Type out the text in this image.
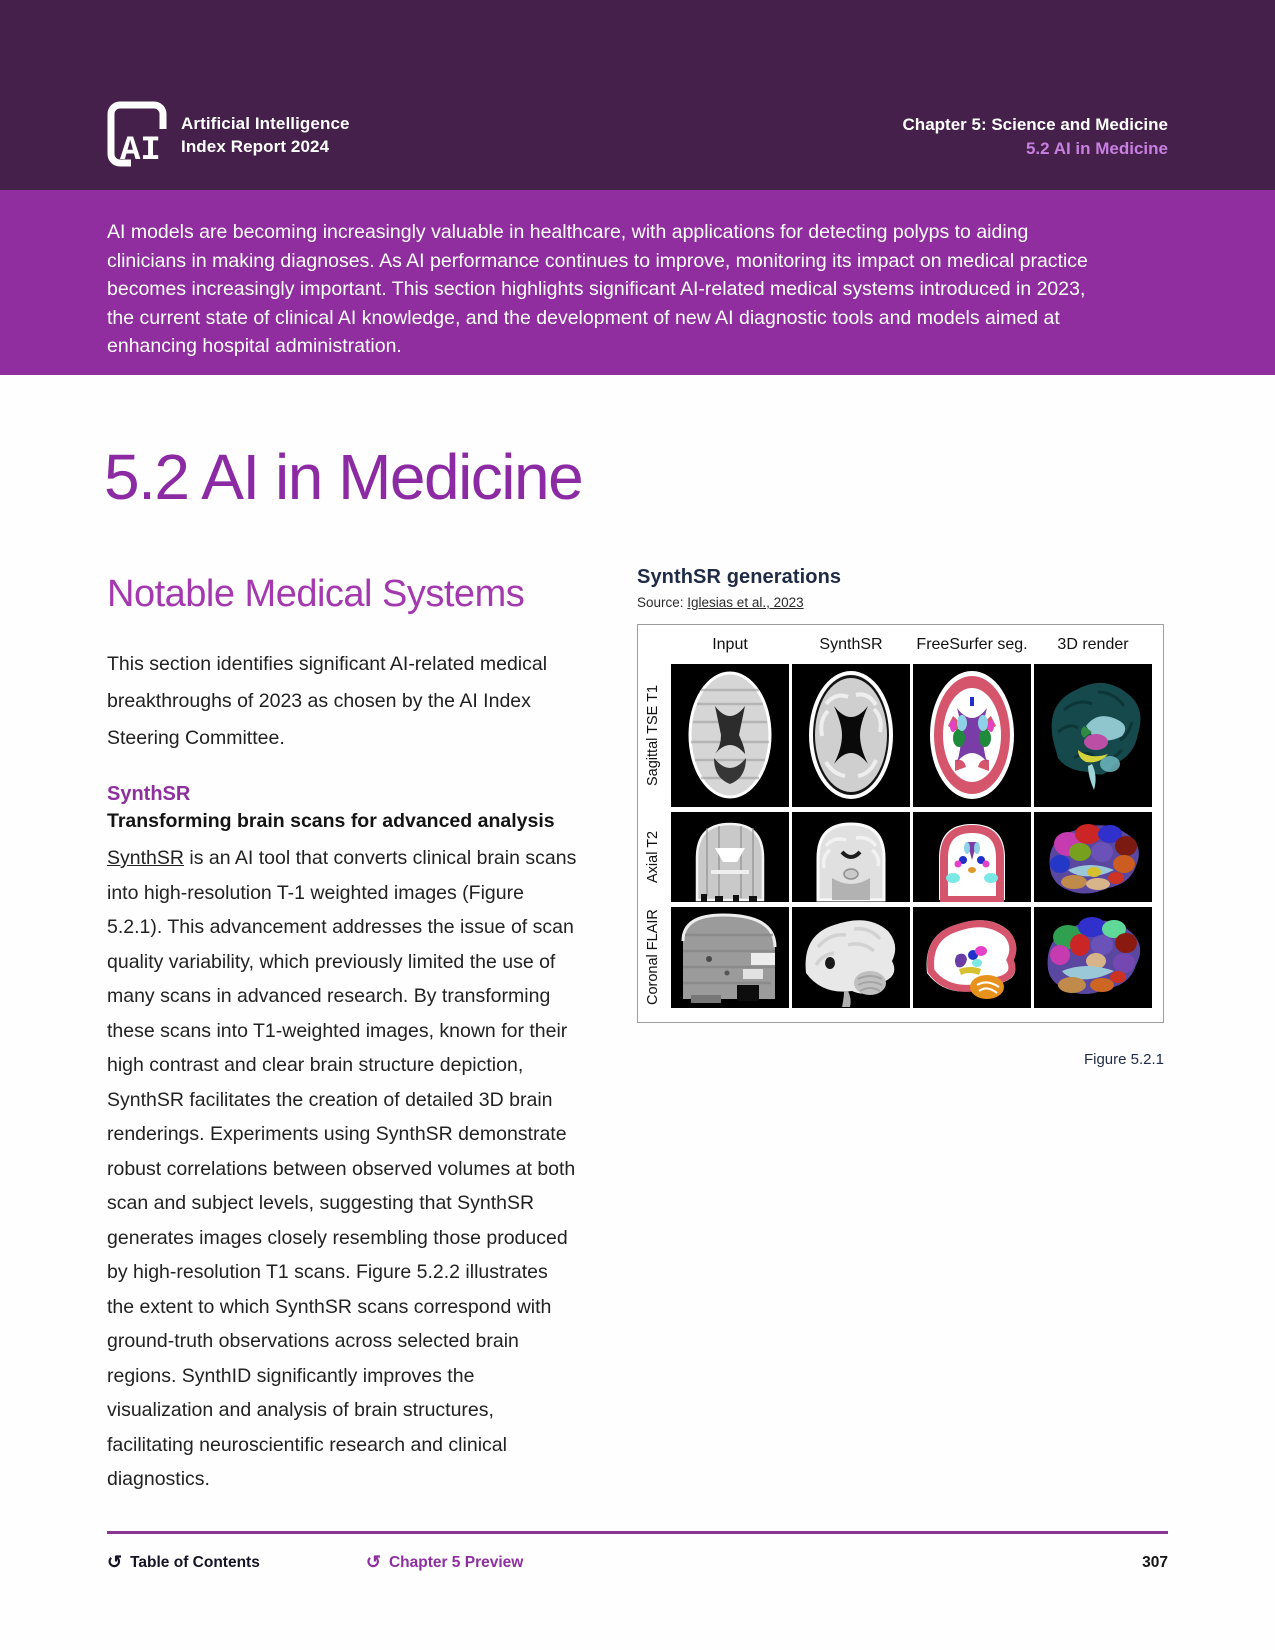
AI
Artificial Intelligence
Index Report 2024
Chapter 5: Science and Medicine
5.2 AI in Medicine

AI models are becoming increasingly valuable in healthcare, with applications for detecting polyps to aiding clinicians in making diagnoses. As AI performance continues to improve, monitoring its impact on medical practice becomes increasingly important. This section highlights significant AI-related medical systems introduced in 2023, the current state of clinical AI knowledge, and the development of new AI diagnostic tools and models aimed at enhancing hospital administration.

5.2 AI in Medicine
Notable Medical Systems

This section identifies significant AI-related medical breakthroughs of 2023 as chosen by the AI Index Steering Committee.

SynthSR
Transforming brain scans for advanced analysis

SynthSR is an AI tool that converts clinical brain scans into high-resolution T-1 weighted images (Figure 5.2.1). This advancement addresses the issue of scan quality variability, which previously limited the use of many scans in advanced research. By transforming these scans into T1-weighted images, known for their high contrast and clear brain structure depiction, SynthSR facilitates the creation of detailed 3D brain renderings. Experiments using SynthSR demonstrate robust correlations between observed volumes at both scan and subject levels, suggesting that SynthSR generates images closely resembling those produced by high-resolution T1 scans. Figure 5.2.2 illustrates the extent to which SynthSR scans correspond with ground-truth observations across selected brain regions. SynthID significantly improves the visualization and analysis of brain structures, facilitating neuroscientific research and clinical diagnostics.

SynthSR generations
Source: Iglesias et al., 2023
Input	SynthSR	FreeSurfer seg.	3D render
Sagittal TSE T1
Axial T2
Coronal FLAIR
Figure 5.2.1
↺ Table of Contents	↺ Chapter 5 Preview	307
